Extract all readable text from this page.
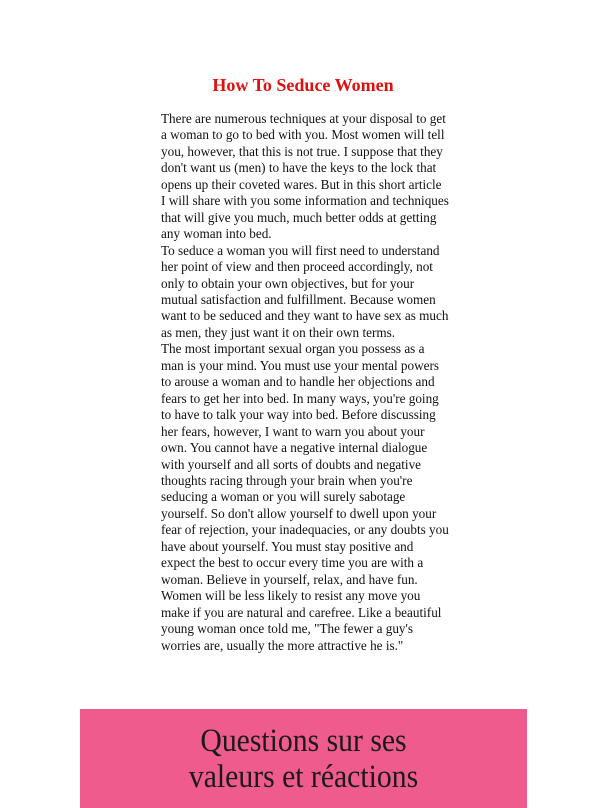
How To Seduce Women

There are numerous techniques at your disposal to get a woman to go to bed with you. Most women will tell you, however, that this is not true. I suppose that they don't want us (men) to have the keys to the lock that opens up their coveted wares. But in this short article I will share with you some information and techniques that will give you much, much better odds at getting any woman into bed.

To seduce a woman you will first need to understand her point of view and then proceed accordingly, not only to obtain your own objectives, but for your mutual satisfaction and fulfillment. Because women want to be seduced and they want to have sex as much as men, they just want it on their own terms.

The most important sexual organ you possess as a man is your mind. You must use your mental powers to arouse a woman and to handle her objections and fears to get her into bed. In many ways, you're going to have to talk your way into bed. Before discussing her fears, however, I want to warn you about your own. You cannot have a negative internal dialogue with yourself and all sorts of doubts and negative thoughts racing through your brain when you're seducing a woman or you will surely sabotage yourself. So don't allow yourself to dwell upon your fear of rejection, your inadequacies, or any doubts you have about yourself. You must stay positive and expect the best to occur every time you are with a woman. Believe in yourself, relax, and have fun. Women will be less likely to resist any move you make if you are natural and carefree. Like a beautiful young woman once told me, "The fewer a guy's worries are, usually the more attractive he is."

Questions sur ses
valeurs et réactions
